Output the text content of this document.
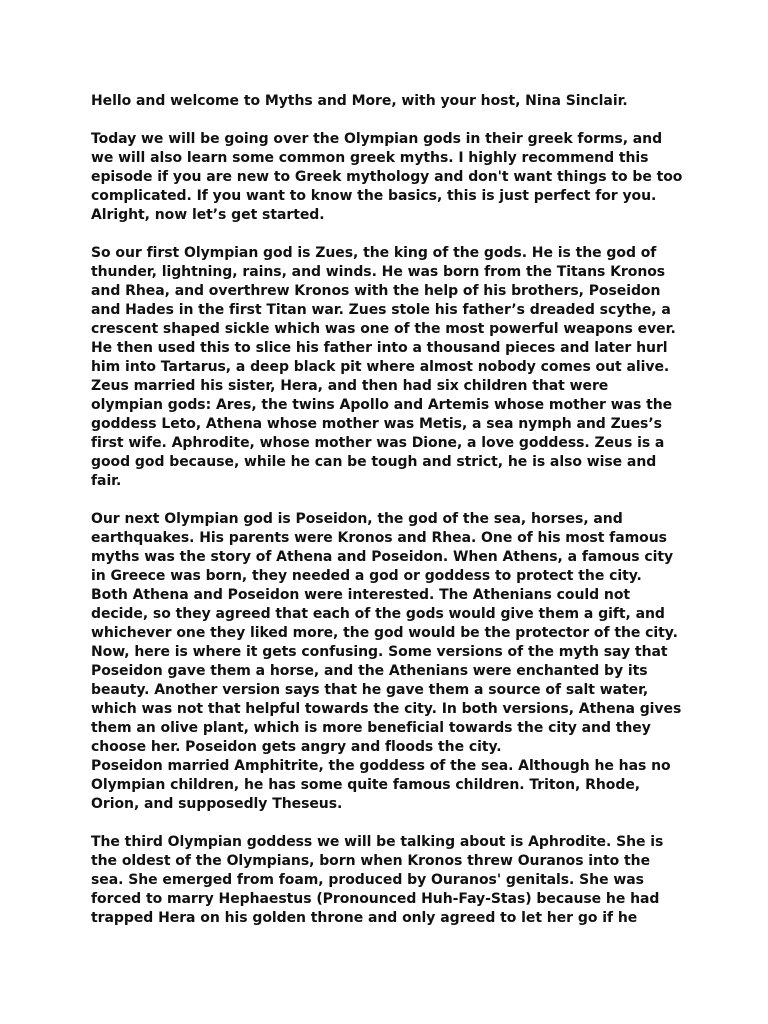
Hello and welcome to Myths and More, with your host, Nina Sinclair.
Today we will be going over the Olympian gods in their greek forms, and
we will also learn some common greek myths. I highly recommend this
episode if you are new to Greek mythology and don't want things to be too
complicated. If you want to know the basics, this is just perfect for you.
Alright, now let’s get started.
So our first Olympian god is Zues, the king of the gods. He is the god of
thunder, lightning, rains, and winds. He was born from the Titans Kronos
and Rhea, and overthrew Kronos with the help of his brothers, Poseidon
and Hades in the first Titan war. Zues stole his father’s dreaded scythe, a
crescent shaped sickle which was one of the most powerful weapons ever.
He then used this to slice his father into a thousand pieces and later hurl
him into Tartarus, a deep black pit where almost nobody comes out alive.
Zeus married his sister, Hera, and then had six children that were
olympian gods: Ares, the twins Apollo and Artemis whose mother was the
goddess Leto, Athena whose mother was Metis, a sea nymph and Zues’s
first wife. Aphrodite, whose mother was Dione, a love goddess. Zeus is a
good god because, while he can be tough and strict, he is also wise and
fair.
Our next Olympian god is Poseidon, the god of the sea, horses, and
earthquakes. His parents were Kronos and Rhea. One of his most famous
myths was the story of Athena and Poseidon. When Athens, a famous city
in Greece was born, they needed a god or goddess to protect the city.
Both Athena and Poseidon were interested. The Athenians could not
decide, so they agreed that each of the gods would give them a gift, and
whichever one they liked more, the god would be the protector of the city.
Now, here is where it gets confusing. Some versions of the myth say that
Poseidon gave them a horse, and the Athenians were enchanted by its
beauty. Another version says that he gave them a source of salt water,
which was not that helpful towards the city. In both versions, Athena gives
them an olive plant, which is more beneficial towards the city and they
choose her. Poseidon gets angry and floods the city.
Poseidon married Amphitrite, the goddess of the sea. Although he has no
Olympian children, he has some quite famous children. Triton, Rhode,
Orion, and supposedly Theseus.
The third Olympian goddess we will be talking about is Aphrodite. She is
the oldest of the Olympians, born when Kronos threw Ouranos into the
sea. She emerged from foam, produced by Ouranos' genitals. She was
forced to marry Hephaestus (Pronounced Huh-Fay-Stas) because he had
trapped Hera on his golden throne and only agreed to let her go if he
